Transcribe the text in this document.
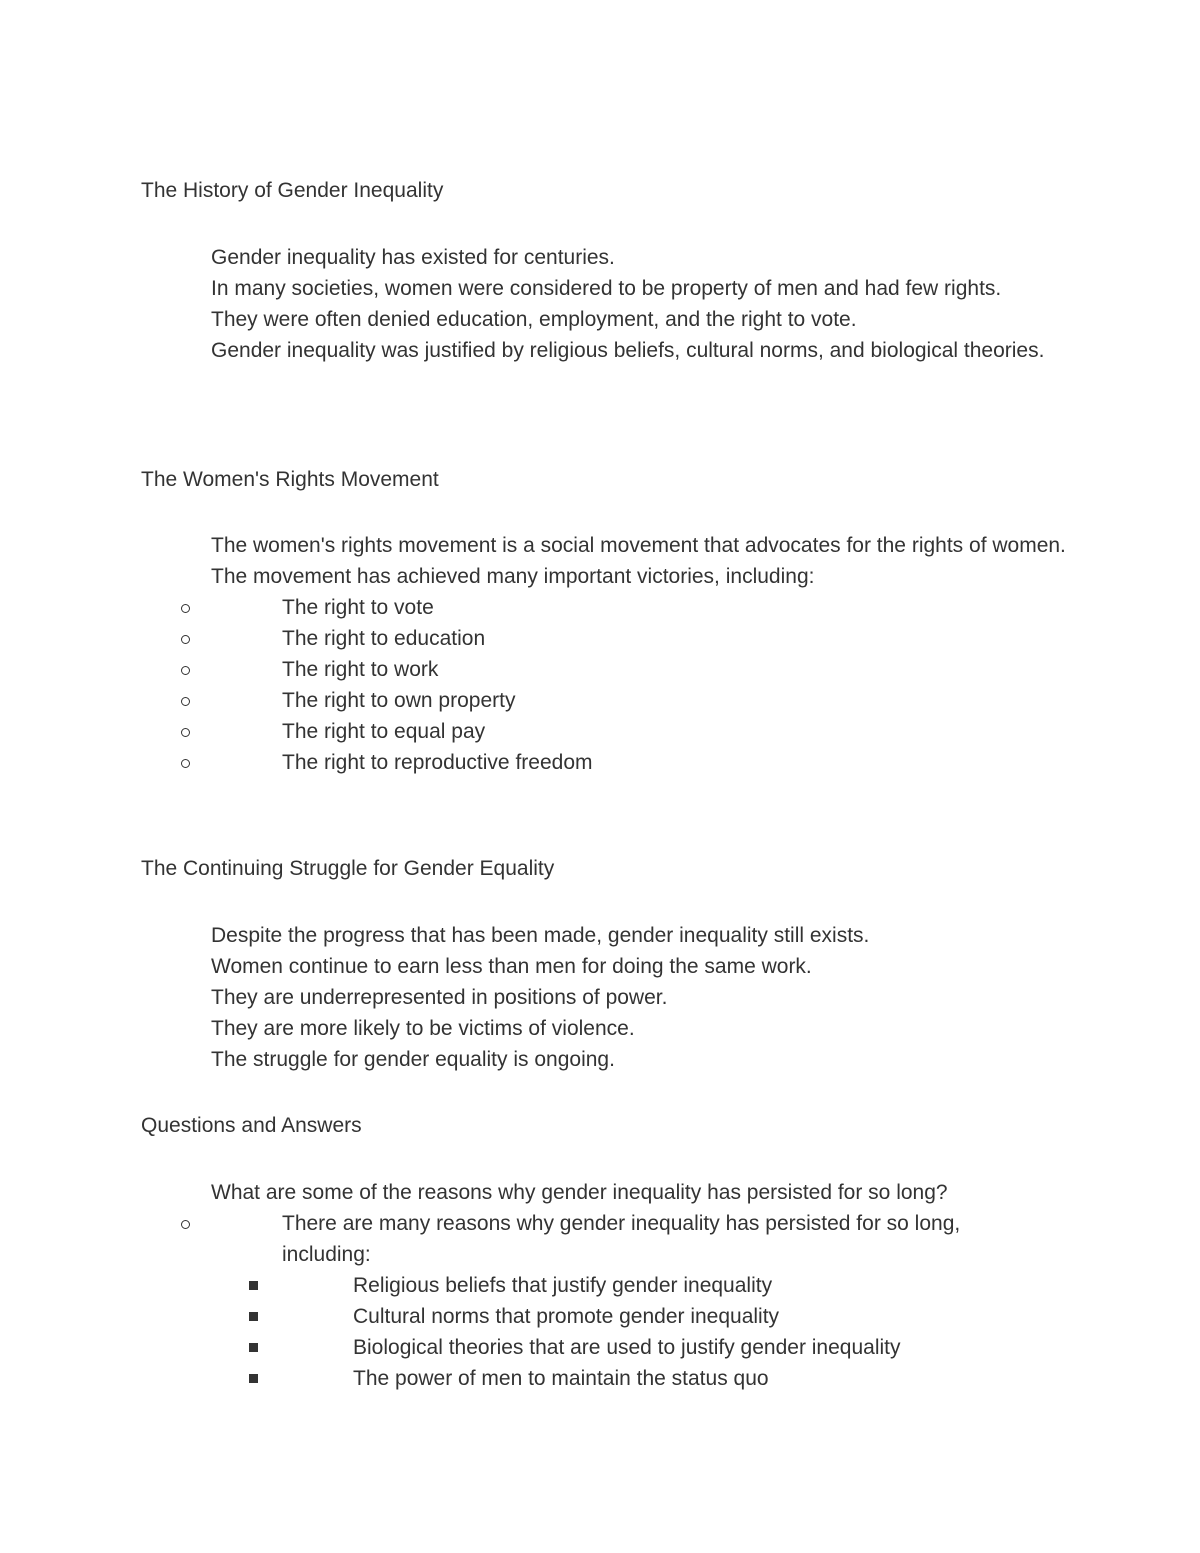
The History of Gender Inequality
Gender inequality has existed for centuries.
In many societies, women were considered to be property of men and had few rights.
They were often denied education, employment, and the right to vote.
Gender inequality was justified by religious beliefs, cultural norms, and biological theories.
The Women's Rights Movement
The women's rights movement is a social movement that advocates for the rights of women.
The movement has achieved many important victories, including:
The right to vote
The right to education
The right to work
The right to own property
The right to equal pay
The right to reproductive freedom
The Continuing Struggle for Gender Equality
Despite the progress that has been made, gender inequality still exists.
Women continue to earn less than men for doing the same work.
They are underrepresented in positions of power.
They are more likely to be victims of violence.
The struggle for gender equality is ongoing.
Questions and Answers
What are some of the reasons why gender inequality has persisted for so long?
There are many reasons why gender inequality has persisted for so long, including:
Religious beliefs that justify gender inequality
Cultural norms that promote gender inequality
Biological theories that are used to justify gender inequality
The power of men to maintain the status quo
